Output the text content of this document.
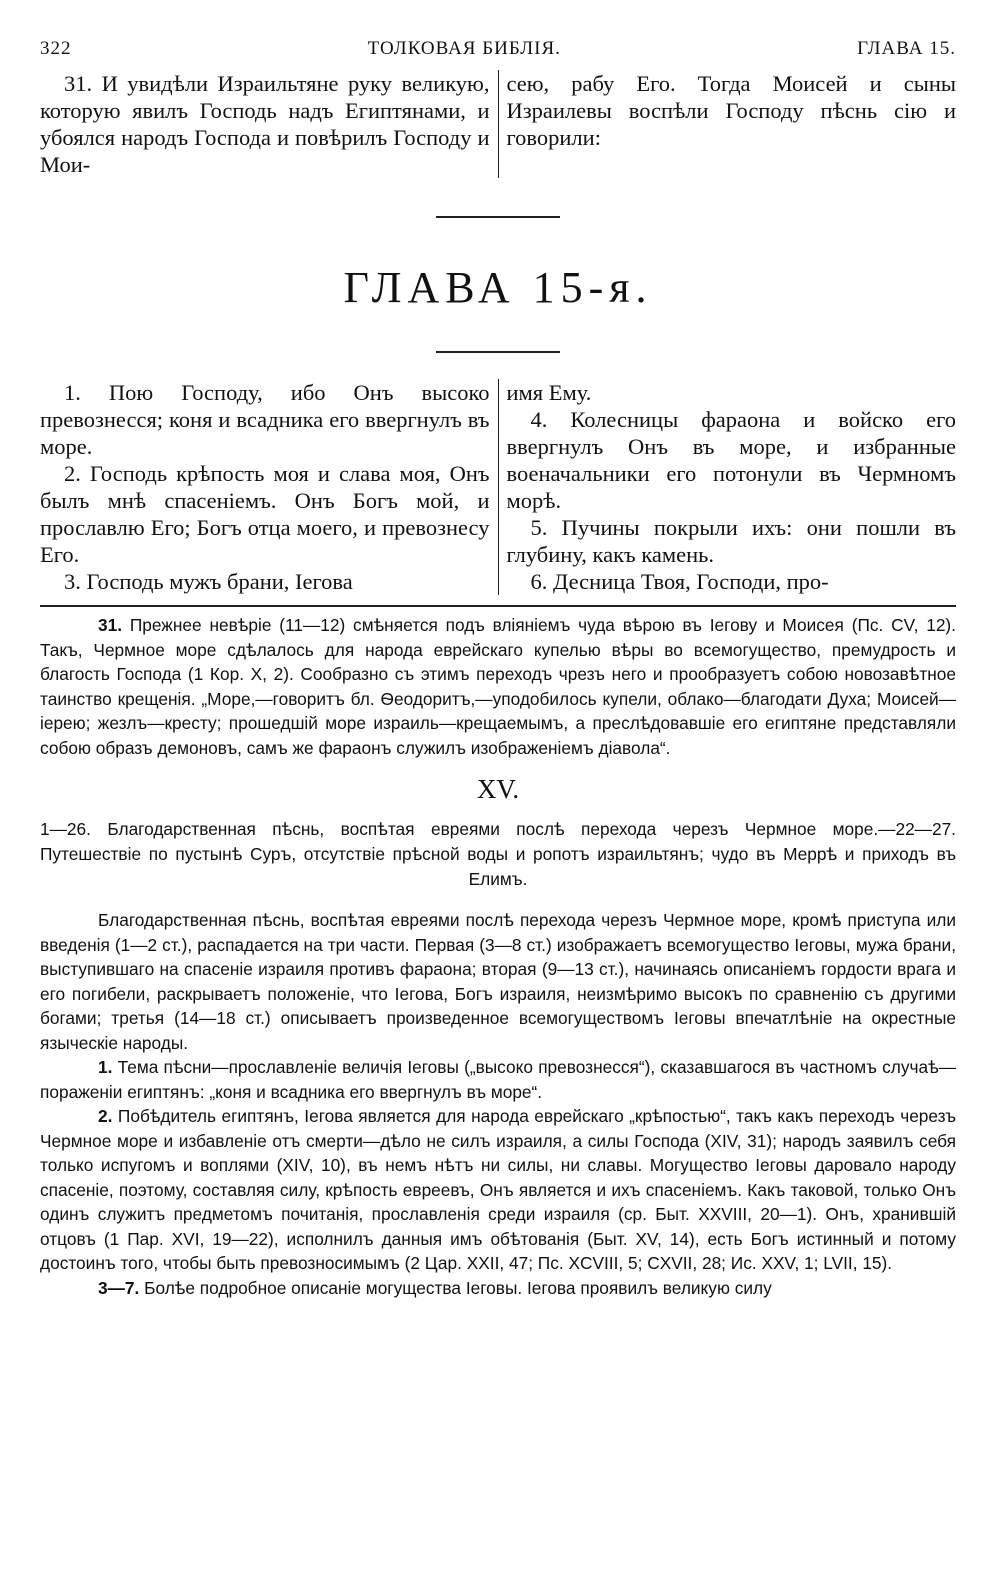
322	ТОЛКОВАЯ БИБЛІЯ.	ГЛАВА 15.

31. И увидѣли Израильтяне руку великую, которую явилъ Господь надъ Египтянами, и убоялся народъ Господа и повѣрилъ Господу и Мои-

сею, рабу Его. Тогда Моисей и сыны Израилевы воспѣли Господу пѣснь сію и говорили:

ГЛАВА 15-я.

1. Пою Господу, ибо Онъ высоко превознесся; коня и всадника его ввергнулъ въ море.

2. Господь крѣпость моя и слава моя, Онъ былъ мнѣ спасеніемъ. Онъ Богъ мой, и прославлю Его; Богъ отца моего, и превознесу Его.

3. Господь мужъ брани, Іегова

имя Ему.

4. Колесницы фараона и войско его ввергнулъ Онъ въ море, и избранные военачальники его потонули въ Чермномъ морѣ.

5. Пучины покрыли ихъ: они пошли въ глубину, какъ камень.

6. Десница Твоя, Господи, про-

31. Прежнее невѣріе (11—12) смѣняется подъ вліяніемъ чуда вѣрою въ Іегову и Моисея (Пс. CV, 12). Такъ, Чермное море сдѣлалось для народа еврейскаго купелью вѣры во всемогущество, премудрость и благость Господа (1 Кор. X, 2). Сообразно съ этимъ переходъ чрезъ него и прообразуетъ собою новозавѣтное таинство крещенія. „Море,—говоритъ бл. Ѳеодоритъ,—уподобилось купели, облако—благодати Духа; Моисей—іерею; жезлъ—кресту; прошедшій море израиль—крещаемымъ, а преслѣдовавшіе его египтяне представляли собою образъ демоновъ, самъ же фараонъ служилъ изображеніемъ діавола“.

XV.
1—26. Благодарственная пѣснь, воспѣтая евреями послѣ перехода черезъ Чермное море.—22—27. Путешествіе по пустынѣ Суръ, отсутствіе прѣсной воды и ропотъ израильтянъ; чудо въ Меррѣ и приходъ въ Елимъ.

Благодарственная пѣснь, воспѣтая евреями послѣ перехода черезъ Чермное море, кромѣ приступа или введенія (1—2 ст.), распадается на три части. Первая (3—8 ст.) изображаетъ всемогущество Іеговы, мужа брани, выступившаго на спасеніе израиля противъ фараона; вторая (9—13 ст.), начинаясь описаніемъ гордости врага и его погибели, раскрываетъ положеніе, что Іегова, Богъ израиля, неизмѣримо высокъ по сравненію съ другими богами; третья (14—18 ст.) описываетъ произведенное всемогуществомъ Іеговы впечатлѣніе на окрестные языческіе народы.

1. Тема пѣсни—прославленіе величія Іеговы („высоко превознесся“), сказавшагося въ частномъ случаѣ—пораженіи египтянъ: „коня и всадника его ввергнулъ въ море“.

2. Побѣдитель египтянъ, Іегова является для народа еврейскаго „крѣпостью“, такъ какъ переходъ черезъ Чермное море и избавленіе отъ смерти—дѣло не силъ израиля, а силы Господа (XIV, 31); народъ заявилъ себя только испугомъ и воплями (XIV, 10), въ немъ нѣтъ ни силы, ни славы. Могущество Іеговы даровало народу спасеніе, поэтому, составляя силу, крѣпость евреевъ, Онъ является и ихъ спасеніемъ. Какъ таковой, только Онъ одинъ служитъ предметомъ почитанія, прославленія среди израиля (ср. Быт. XXVIII, 20—1). Онъ, хранившій отцовъ (1 Пар. XVI, 19—22), исполнилъ данныя имъ обѣтованія (Быт. XV, 14), есть Богъ истинный и потому достоинъ того, чтобы быть превозносимымъ (2 Цар. XXII, 47; Пс. XCVIII, 5; CXVII, 28; Ис. XXV, 1; LVII, 15).

3—7. Болѣе подробное описаніе могущества Іеговы. Іегова проявилъ великую силу
